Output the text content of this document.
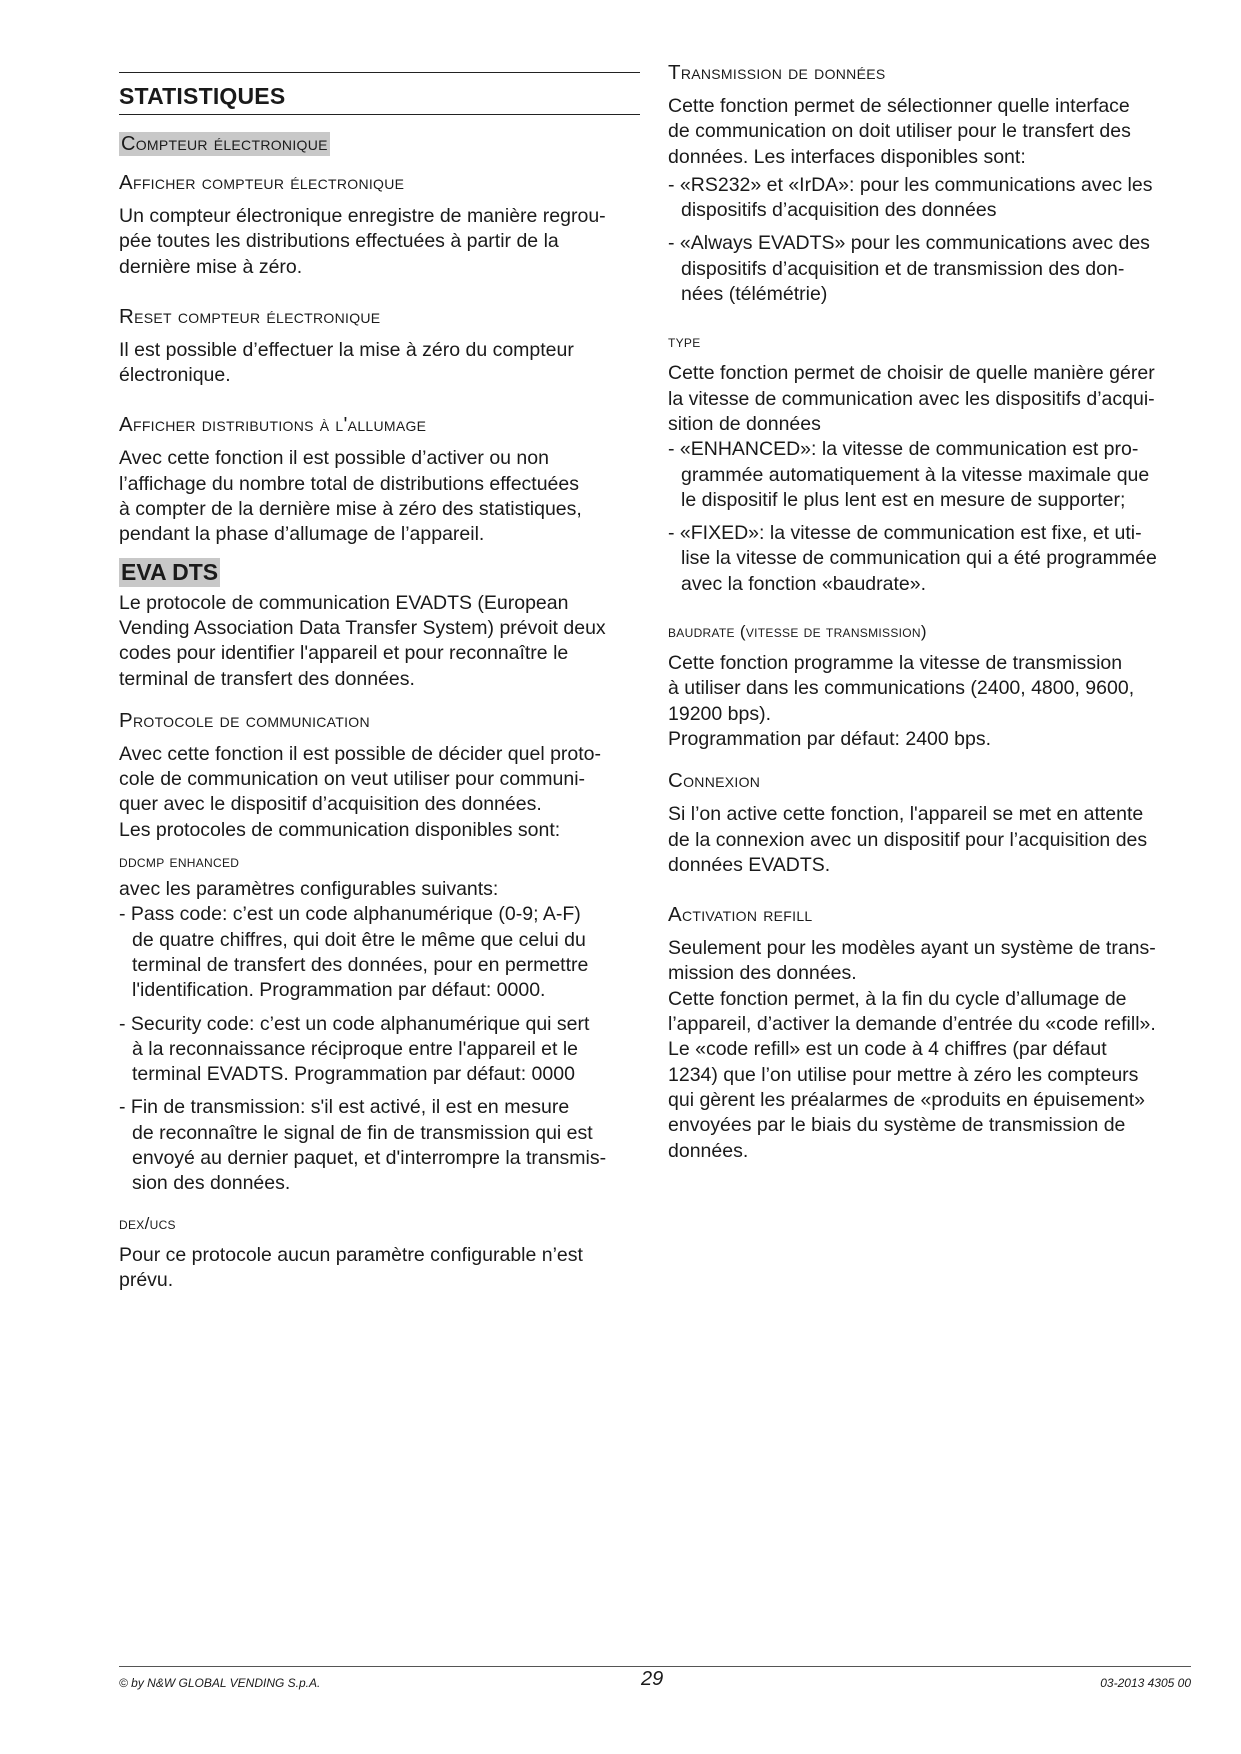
STATISTIQUES
Compteur électronique
Afficher compteur électronique

Un compteur électronique enregistre de manière regrou-

pée toutes les distributions effectuées à partir de la

dernière mise à zéro.

Reset compteur électronique

Il est possible d’effectuer la mise à zéro du compteur

électronique.

Afficher distributions à l'allumage

Avec cette fonction il est possible d’activer ou non

l’affichage du nombre total de distributions effectuées

à compter de la dernière mise à zéro des statistiques,

pendant la phase d’allumage de l’appareil.

EVA DTS

Le protocole de communication EVADTS (European

Vending Association Data Transfer System) prévoit deux

codes pour identifier l'appareil et pour reconnaître le

terminal de transfert des données.

Protocole de communication

Avec cette fonction il est possible de décider quel proto-

cole de communication on veut utiliser pour communi-

quer avec le dispositif d’acquisition des données.

Les protocoles de communication disponibles sont:

ddcmp enhanced

avec les paramètres configurables suivants:

- Pass code: c’est un code alphanumérique (0-9; A-F)

de quatre chiffres, qui doit être le même que celui du

terminal de transfert des données, pour en permettre

l'identification. Programmation par défaut: 0000.

- Security code: c’est un code alphanumérique qui sert

à la reconnaissance réciproque entre l'appareil et le

terminal EVADTS. Programmation par défaut: 0000

- Fin de transmission: s'il est activé, il est en mesure

de reconnaître le signal de fin de transmission qui est

envoyé au dernier paquet, et d'interrompre la transmis-

sion des données.

dex/ucs

Pour ce protocole aucun paramètre configurable n’est

prévu.

Transmission de données

Cette fonction permet de sélectionner quelle interface

de communication on doit utiliser pour le transfert des

données. Les interfaces disponibles sont:

- «RS232» et «IrDA»: pour les communications avec les

dispositifs d’acquisition des données

- «Always EVADTS» pour les communications avec des

dispositifs d’acquisition et de transmission des don-

nées (télémétrie)

type

Cette fonction permet de choisir de quelle manière gérer

la vitesse de communication avec les dispositifs d’acqui-

sition de données

- «ENHANCED»: la vitesse de communication est pro-

grammée automatiquement à la vitesse maximale que

le dispositif le plus lent est en mesure de supporter;

- «FIXED»: la vitesse de communication est fixe, et uti-

lise la vitesse de communication qui a été programmée

avec la fonction «baudrate».

baudrate (vitesse de transmission)

Cette fonction programme la vitesse de transmission

à utiliser dans les communications (2400, 4800, 9600,

19200 bps).

Programmation par défaut: 2400 bps.

Connexion

Si l’on active cette fonction, l'appareil se met en attente

de la connexion avec un dispositif pour l’acquisition des

données EVADTS.

Activation refill

Seulement pour les modèles ayant un système de trans-

mission des données.

Cette fonction permet, à la fin du cycle d’allumage de

l’appareil, d’activer la demande d’entrée du «code refill».

Le «code refill» est un code à 4 chiffres (par défaut

1234) que l’on utilise pour mettre à zéro les compteurs

qui gèrent les préalarmes de «produits en épuisement»

envoyées par le biais du système de transmission de

données.

© by N&W GLOBAL VENDING S.p.A.	29	03-2013 4305 00
